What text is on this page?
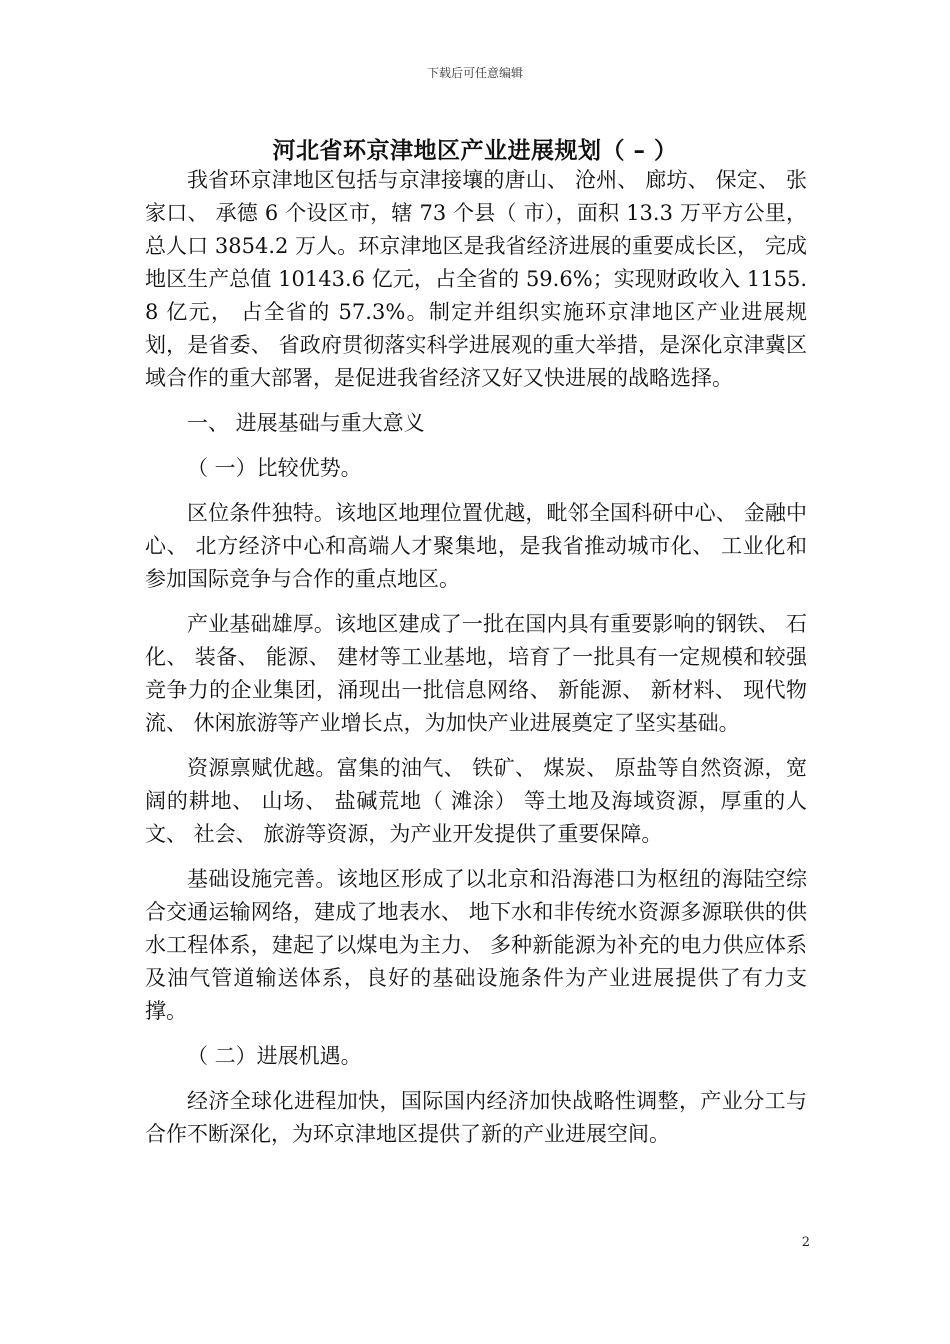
下载后可任意编辑
河北省环京津地区产业进展规划（ – ）

我省环京津地区包括与京津接壤的唐山、 沧州、 廊坊、 保定、 张家口、 承德 6 个设区市，辖 73 个县（ 市），面积 13.3 万平方公里，总人口 3854.2 万人。环京津地区是我省经济进展的重要成长区， 完成地区生产总值 10143.6 亿元，占全省的 59.6%；实现财政收入 1155.8 亿元， 占全省的 57.3%。制定并组织实施环京津地区产业进展规划，是省委、 省政府贯彻落实科学进展观的重大举措，是深化京津冀区域合作的重大部署，是促进我省经济又好又快进展的战略选择。

一、 进展基础与重大意义

（ 一）比较优势。

区位条件独特。该地区地理位置优越，毗邻全国科研中心、 金融中心、 北方经济中心和高端人才聚集地，是我省推动城市化、 工业化和参加国际竞争与合作的重点地区。

产业基础雄厚。该地区建成了一批在国内具有重要影响的钢铁、 石化、 装备、 能源、 建材等工业基地，培育了一批具有一定规模和较强竞争力的企业集团，涌现出一批信息网络、 新能源、 新材料、 现代物流、 休闲旅游等产业增长点，为加快产业进展奠定了坚实基础。

资源禀赋优越。富集的油气、 铁矿、 煤炭、 原盐等自然资源，宽阔的耕地、 山场、 盐碱荒地（ 滩涂） 等土地及海域资源，厚重的人文、 社会、 旅游等资源，为产业开发提供了重要保障。

基础设施完善。该地区形成了以北京和沿海港口为枢纽的海陆空综合交通运输网络，建成了地表水、 地下水和非传统水资源多源联供的供水工程体系，建起了以煤电为主力、 多种新能源为补充的电力供应体系及油气管道输送体系，良好的基础设施条件为产业进展提供了有力支撑。

（ 二）进展机遇。

经济全球化进程加快，国际国内经济加快战略性调整，产业分工与合作不断深化，为环京津地区提供了新的产业进展空间。

2
